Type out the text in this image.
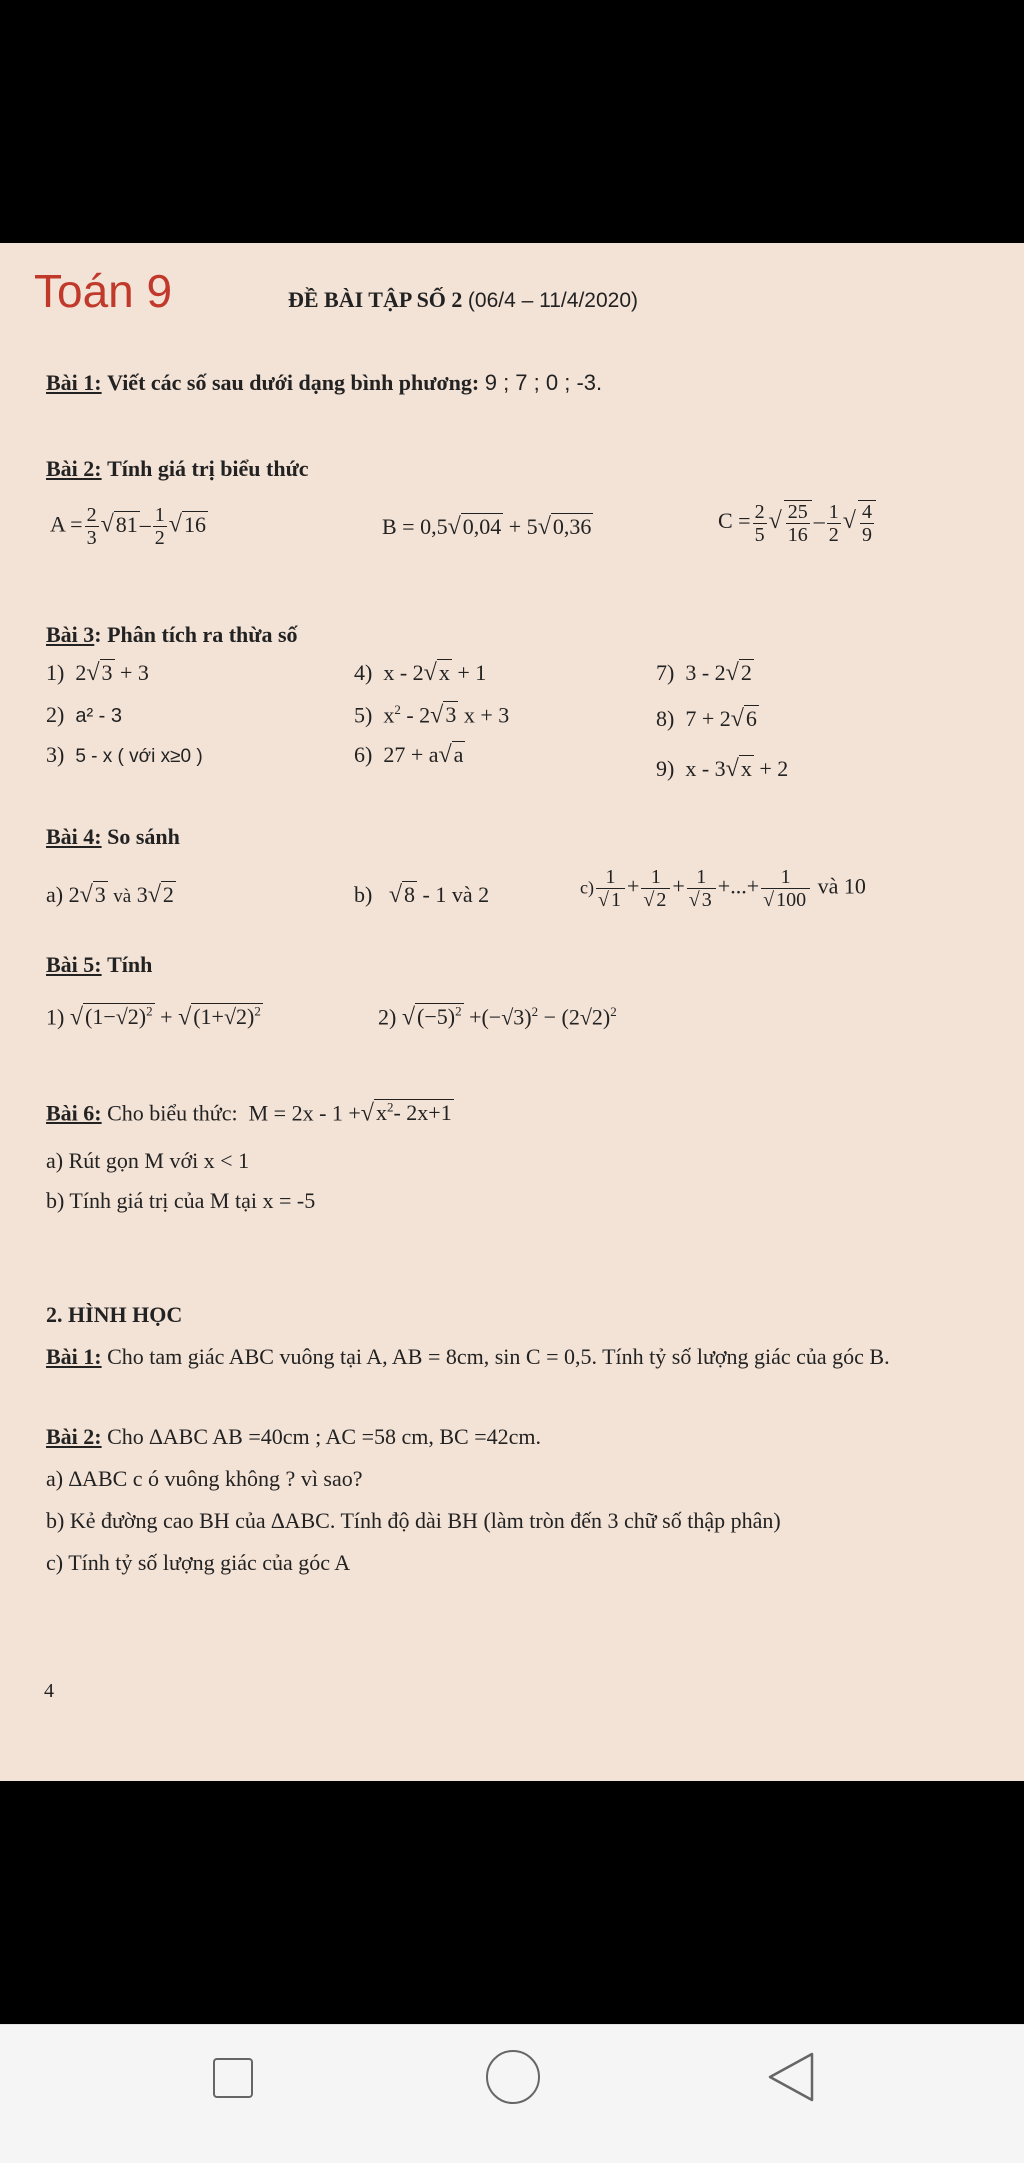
Toán 9	ĐỀ BÀI TẬP SỐ 2 (06/4 – 11/4/2020)
Bài 1: Viết các số sau dưới dạng bình phương: 9 ; 7 ; 0 ; -3.
Bài 2: Tính giá trị biểu thức
$A = \frac{2}{3} √81- \frac{1}{2} √16$	B = 0,5√0,04 + 5√0,36	$C = \frac{2}{5}$ √ $\frac{25}{16} - \frac{1}{2}$ √ $\frac{4}{9}$
Bài 3: Phân tích ra thừa số
1)  2√3 + 3
2) a² - 3
3) 5 - x ( với x≥0 )
4)  x - 2√x + 1
5)  $x^2 - 2√3$ x + 3
6)  27 + a√a
7)  3 - 2√2
8)  7 + 2√6
9)  x - 3√x + 2
Bài 4: So sánh
a) 2√3 và 3√2	b) √8 - 1 và 2	$c) \frac{1}{√ 1} + \frac{1}{√ 2} + \frac{1}{√ 3}$ +...+ $\frac{1}{√ 100}$ và 10
Bài 5: Tính
1) $√(1-√2)^2 + √(1+√2)^2$	2) $√(-5)^2 +(-√3)^2 - (2√2)^2$
Bài 6: Cho biểu thức: $M = 2x - 1 +√x^2-$ 2x+1
a) Rút gọn M với x < 1
b) Tính giá trị của M tại x = -5
2. HÌNH HỌC
Bài 1: Cho tam giác ABC vuông tại A, AB = 8cm, sin C = 0,5. Tính tỷ số lượng giác của góc B.
Bài 2: Cho ∆ABC AB =40cm ; AC =58 cm, BC =42cm.
a) ∆ABC c ó vuông không ? vì sao?
b) Kẻ đường cao BH của ∆ABC. Tính độ dài BH (làm tròn đến 3 chữ số thập phân)
c) Tính tỷ số lượng giác của góc A
4
